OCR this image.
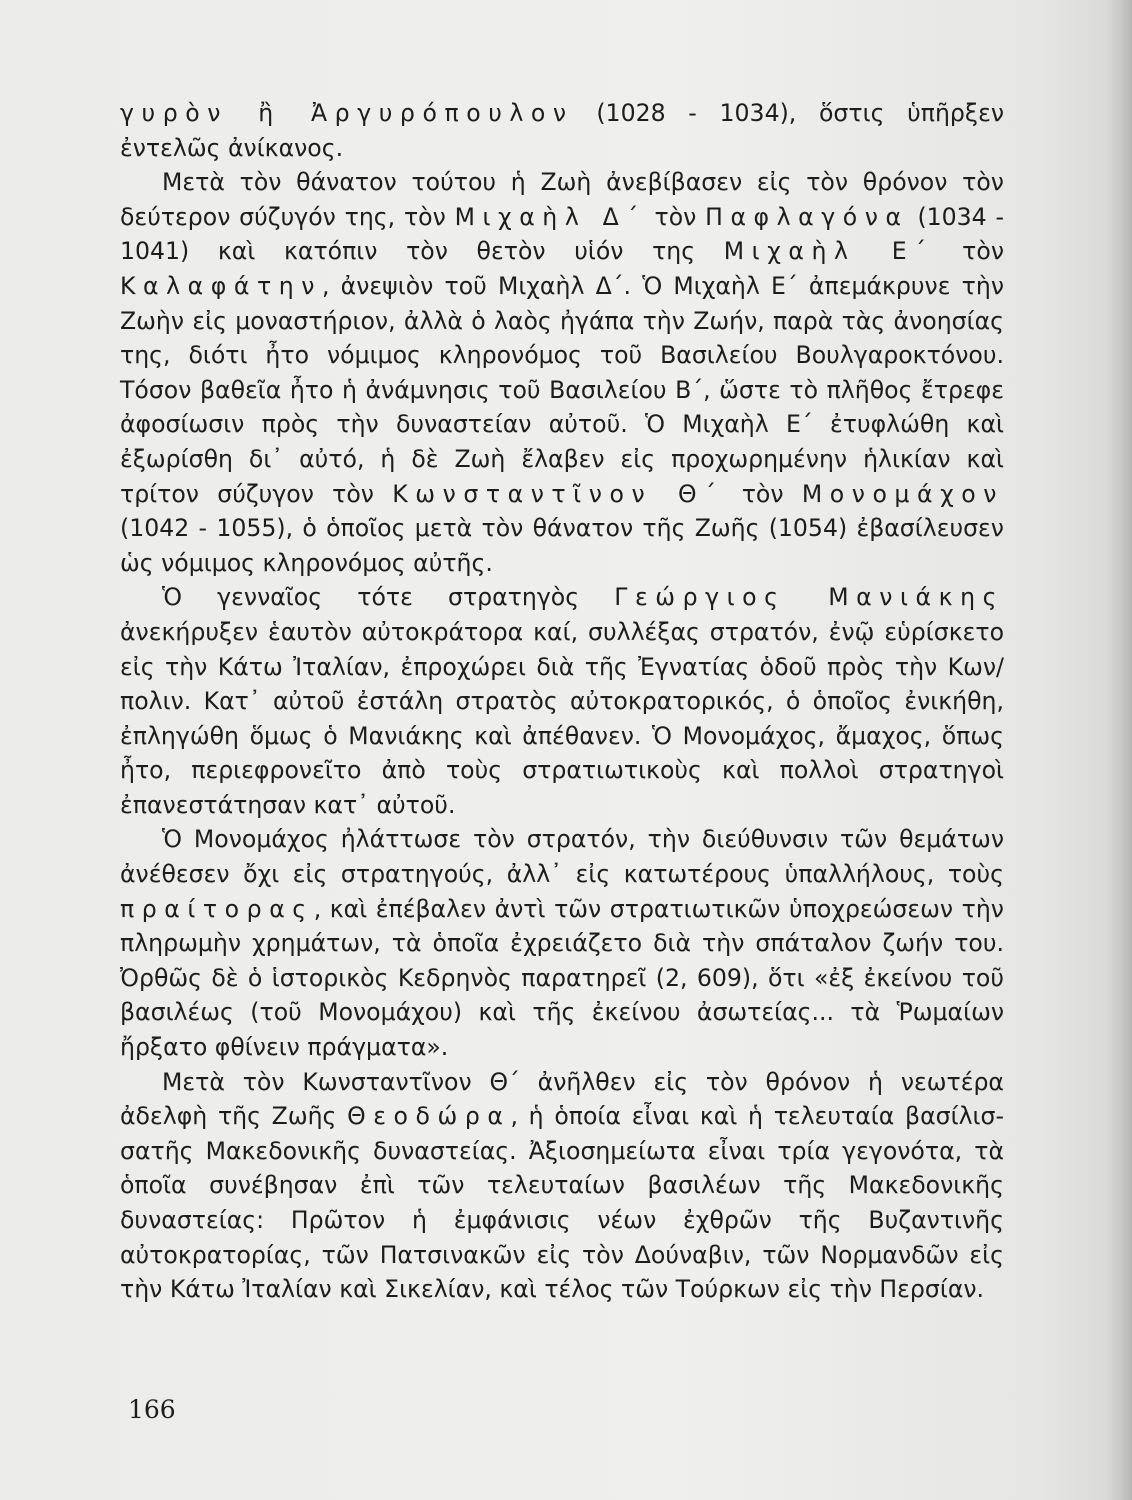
γυρὸν ἢ Ἀργυρόπουλον (1028 - 1034), ὅστις ὑπῆρξεν ἐντελῶς ἀνίκανος.

Μετὰ τὸν θάνατον τούτου ἡ Ζωὴ ἀνεβίβασεν εἰς τὸν θρόνον τὸν δεύτερον σύζυγόν της, τὸν Μιχαὴλ Δ΄ τὸν Παφλαγόνα (1034 - 1041) καὶ κατόπιν τὸν θετὸν υἱόν της Μιχαὴλ Ε΄ τὸν Καλαφάτην, ἀνεψιὸν τοῦ Μιχαὴλ Δ΄. Ὁ Μιχαὴλ Ε΄ ἀπεμάκρυνε τὴν Ζωὴν εἰς μοναστήριον, ἀλλὰ ὁ λαὸς ἠγάπα τὴν Ζωήν, παρὰ τὰς ἀνοησίας της, διότι ἦτο νόμιμος κληρονόμος τοῦ Βασιλείου Βουλγαροκτόνου. Τόσον βαθεῖα ἦτο ἡ ἀνάμνησις τοῦ Βασιλείου Β΄, ὥστε τὸ πλῆθος ἔτρεφε ἀφοσίωσιν πρὸς τὴν δυναστείαν αὐτοῦ. Ὁ Μιχαὴλ Ε΄ ἐτυφλώθη καὶ ἐξωρίσθη δι᾽ αὐτό, ἡ δὲ Ζωὴ ἔλαβεν εἰς προχωρημένην ἡλικίαν καὶ τρίτον σύζυγον τὸν Κωνσταντῖνον Θ΄ τὸν Μονομάχον (1042 - 1055), ὁ ὁποῖος μετὰ τὸν θάνατον τῆς Ζωῆς (1054) ἐβασίλευσεν ὡς νόμιμος κληρονόμος αὐτῆς.

Ὁ γενναῖος τότε στρατηγὸς Γεώργιος Μανιάκης ἀνεκήρυξεν ἑαυτὸν αὐτοκράτορα καί, συλλέξας στρατόν, ἐνῷ εὑρίσκετο εἰς τὴν Κάτω Ἰταλίαν, ἐπροχώρει διὰ τῆς Ἐγνατίας ὁδοῦ πρὸς τὴν Κων/πολιν. Κατ᾽ αὐτοῦ ἐστάλη στρατὸς αὐτοκρατορικός, ὁ ὁποῖος ἐνικήθη, ἐπληγώθη ὅμως ὁ Μανιάκης καὶ ἀπέθανεν. Ὁ Μονομάχος, ἄμαχος, ὅπως ἦτο, περιεφρονεῖτο ἀπὸ τοὺς στρατιωτικοὺς καὶ πολλοὶ στρατηγοὶ ἐπανεστάτησαν κατ᾽ αὐτοῦ.

Ὁ Μονομάχος ἠλάττωσε τὸν στρατόν, τὴν διεύθυνσιν τῶν θεμάτων ἀνέθεσεν ὄχι εἰς στρατηγούς, ἀλλ᾽ εἰς κατωτέρους ὑπαλλήλους, τοὺς πραίτορας, καὶ ἐπέβαλεν ἀντὶ τῶν στρατιωτικῶν ὑποχρεώσεων τὴν πληρωμὴν χρημάτων, τὰ ὁποῖα ἐχρειάζετο διὰ τὴν σπάταλον ζωήν του. Ὀρθῶς δὲ ὁ ἱστορικὸς Κεδρηνὸς παρατηρεῖ (2, 609), ὅτι «ἐξ ἐκείνου τοῦ βασιλέως (τοῦ Μονομάχου) καὶ τῆς ἐκείνου ἀσωτείας... τὰ Ῥωμαίων ἤρξατο φθίνειν πράγματα».

Μετὰ τὸν Κωνσταντῖνον Θ΄ ἀνῆλθεν εἰς τὸν θρόνον ἡ νεωτέρα ἀδελφὴ τῆς Ζωῆς Θεοδώρα, ἡ ὁποία εἶναι καὶ ἡ τελευταία βασίλισσατῆς Μακεδονικῆς δυναστείας. Ἀξιοσημείωτα εἶναι τρία γεγονότα, τὰ ὁποῖα συνέβησαν ἐπὶ τῶν τελευταίων βασιλέων τῆς Μακεδονικῆς δυναστείας: Πρῶτον ἡ ἐμφάνισις νέων ἐχθρῶν τῆς Βυζαντινῆς αὐτοκρατορίας, τῶν Πατσινακῶν εἰς τὸν Δούναβιν, τῶν Νορμανδῶν εἰς τὴν Κάτω Ἰταλίαν καὶ Σικελίαν, καὶ τέλος τῶν Τούρκων εἰς τὴν Περσίαν.

166
